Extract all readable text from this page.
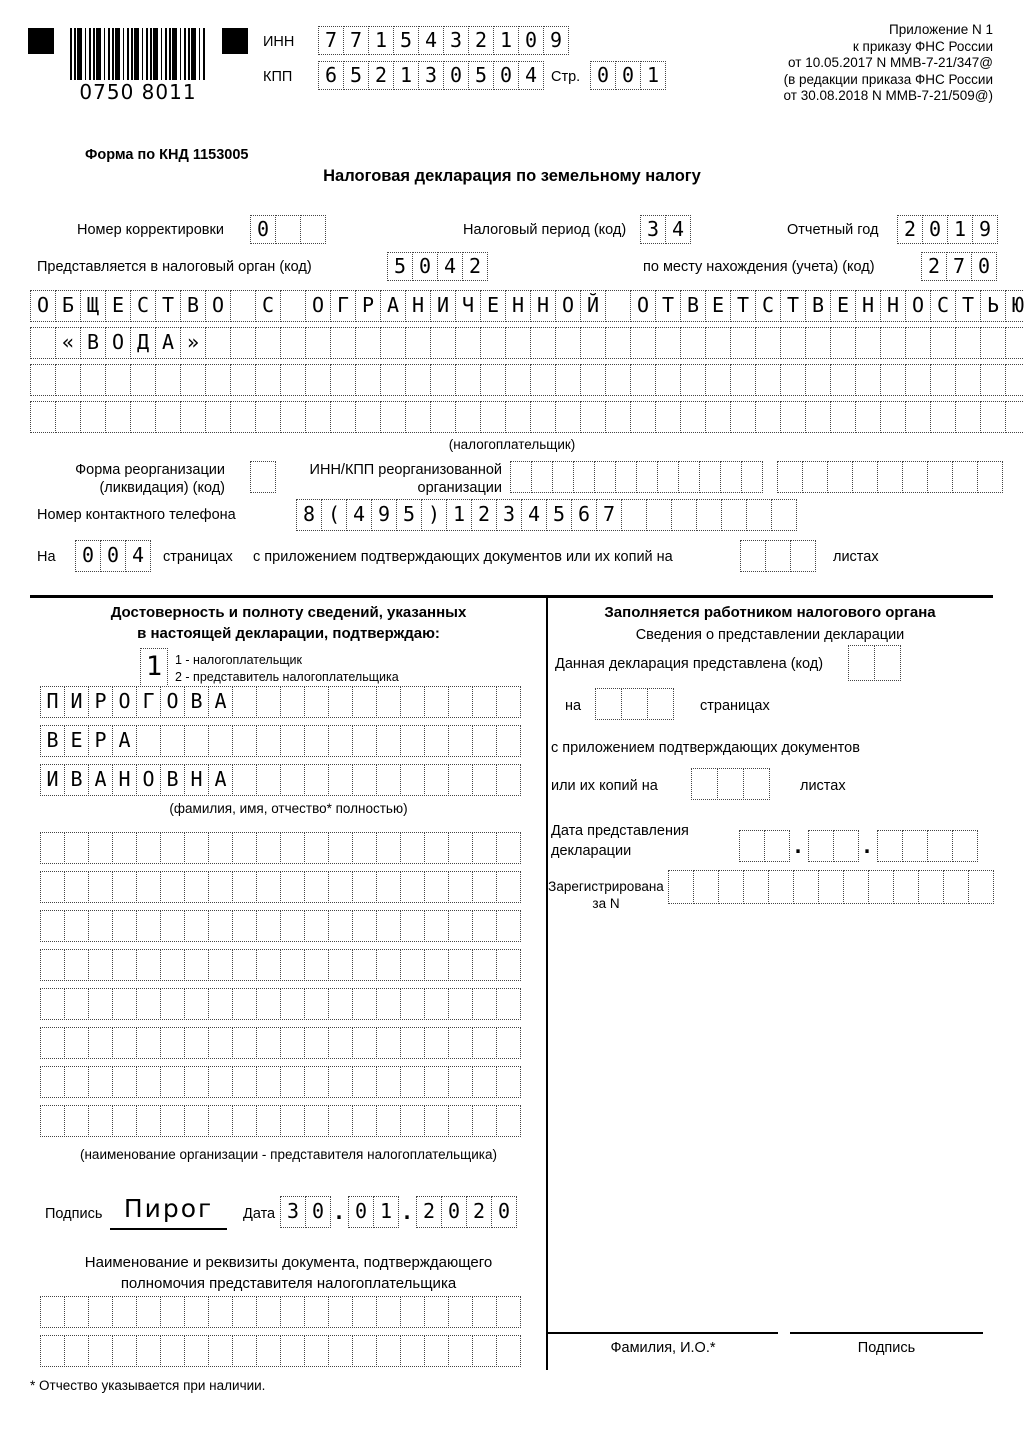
0750 8011
ИНН	7 7 1 5 4 3 2 1 0 9
КПП	6 5 2 1 3 0 5 0 4 Стр. 0 0 1
Приложение N 1
к приказу ФНС России
от 10.05.2017 N ММВ-7-21/347@
(в редакции приказа ФНС России
от 30.08.2018 N ММВ-7-21/509@)
Форма по КНД 1153005
Налоговая декларация по земельному налогу
Номер корректировки	0	Налоговый период (код)	3 4	Отчетный год	2 0 1 9
Представляется в налоговый орган (код)	5 0 4 2	по месту нахождения (учета) (код)	2 7 0
О Б Щ Е С Т В О С О Г Р А Н И Ч Е Н Н О Й О Т В Е Т С Т В Е Н Н О С Т Ь Ю
« В О Д А »
(налогоплательщик)
Форма реорганизации
(ликвидация) (код)
ИНН/КПП реорганизованной
организации
Номер контактного телефона	8 ( 4 9 5 ) 1 2 3 4 5 6 7
На	0 0 4	страницах с приложением подтверждающих документов или их копий на	листах
Достоверность и полноту сведений, указанных
в настоящей декларации, подтверждаю:
1	1 - налогоплательщик
2 - представитель налогоплательщика
П И Р О Г О В А
В Е Р А
И В А Н О В Н А
(фамилия, имя, отчество* полностью)
(наименование организации - представителя налогоплательщика)
Подпись Пирог	Дата 3 0 . 0 1 . 2 0 2 0
Наименование и реквизиты документа, подтверждающего
полномочия представителя налогоплательщика
Заполняется работником налогового органа
Сведения о представлении декларации
Данная декларация представлена (код)
на	страницах
с приложением подтверждающих документов
или их копий на	листах
Дата представления
декларации	.	.
Зарегистрирована
за N
Фамилия, И.О.*	Подпись
* Отчество указывается при наличии.
